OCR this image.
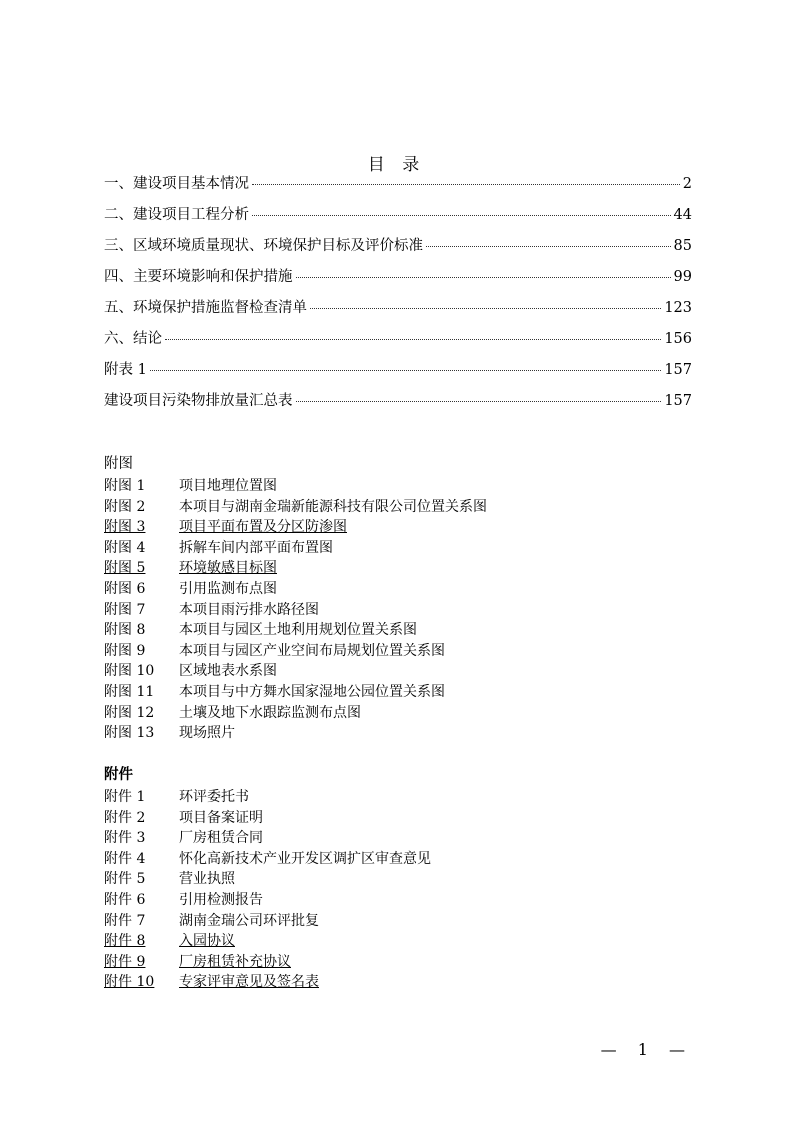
目 录
一、建设项目基本情况	2
二、建设项目工程分析	44
三、区域环境质量现状、环境保护目标及评价标准	85
四、主要环境影响和保护措施	99
五、环境保护措施监督检查清单	123
六、结论	156
附表 1	157
建设项目污染物排放量汇总表	157
附图
附图 1	项目地理位置图
附图 2	本项目与湖南金瑞新能源科技有限公司位置关系图
附图 3	项目平面布置及分区防渗图
附图 4	拆解车间内部平面布置图
附图 5	环境敏感目标图
附图 6	引用监测布点图
附图 7	本项目雨污排水路径图
附图 8	本项目与园区土地利用规划位置关系图
附图 9	本项目与园区产业空间布局规划位置关系图
附图 10	区域地表水系图
附图 11	本项目与中方舞水国家湿地公园位置关系图
附图 12	土壤及地下水跟踪监测布点图
附图 13	现场照片
附件
附件 1	环评委托书
附件 2	项目备案证明
附件 3	厂房租赁合同
附件 4	怀化高新技术产业开发区调扩区审查意见
附件 5	营业执照
附件 6	引用检测报告
附件 7	湖南金瑞公司环评批复
附件 8	入园协议
附件 9	厂房租赁补充协议
附件 10	专家评审意见及签名表
— 1 —
